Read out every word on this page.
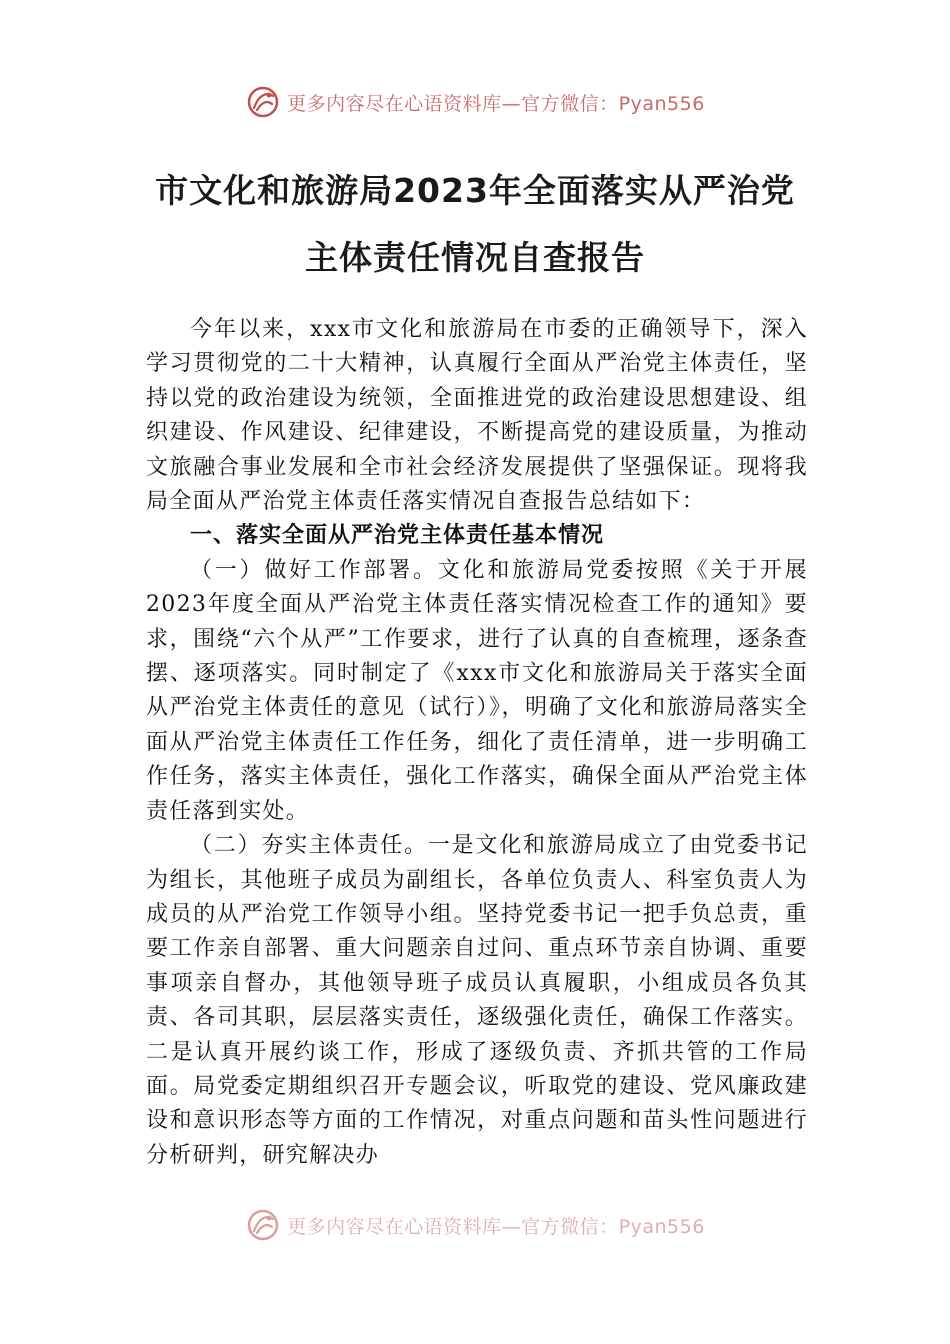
更多内容尽在心语资料库—官方微信：Pyan556
市文化和旅游局2023年全面落实从严治党
主体责任情况自查报告

今年以来，xxx市文化和旅游局在市委的正确领导下，深入学习贯彻党的二十大精神，认真履行全面从严治党主体责任，坚持以党的政治建设为统领，全面推进党的政治建设思想建设、组织建设、作风建设、纪律建设，不断提高党的建设质量，为推动文旅融合事业发展和全市社会经济发展提供了坚强保证。现将我局全面从严治党主体责任落实情况自查报告总结如下：

一、落实全面从严治党主体责任基本情况

（一）做好工作部署。文化和旅游局党委按照《关于开展2023年度全面从严治党主体责任落实情况检查工作的通知》要求，围绕“六个从严”工作要求，进行了认真的自查梳理，逐条查摆、逐项落实。同时制定了《xxx市文化和旅游局关于落实全面从严治党主体责任的意见（试行）》，明确了文化和旅游局落实全面从严治党主体责任工作任务，细化了责任清单，进一步明确工作任务，落实主体责任，强化工作落实，确保全面从严治党主体责任落到实处。

（二）夯实主体责任。一是文化和旅游局成立了由党委书记为组长，其他班子成员为副组长，各单位负责人、科室负责人为成员的从严治党工作领导小组。坚持党委书记一把手负总责，重要工作亲自部署、重大问题亲自过问、重点环节亲自协调、重要事项亲自督办，其他领导班子成员认真履职，小组成员各负其责、各司其职，层层落实责任，逐级强化责任，确保工作落实。二是认真开展约谈工作，形成了逐级负责、齐抓共管的工作局面。局党委定期组织召开专题会议，听取党的建设、党风廉政建设和意识形态等方面的工作情况，对重点问题和苗头性问题进行分析研判，研究解决办

更多内容尽在心语资料库—官方微信：Pyan556
